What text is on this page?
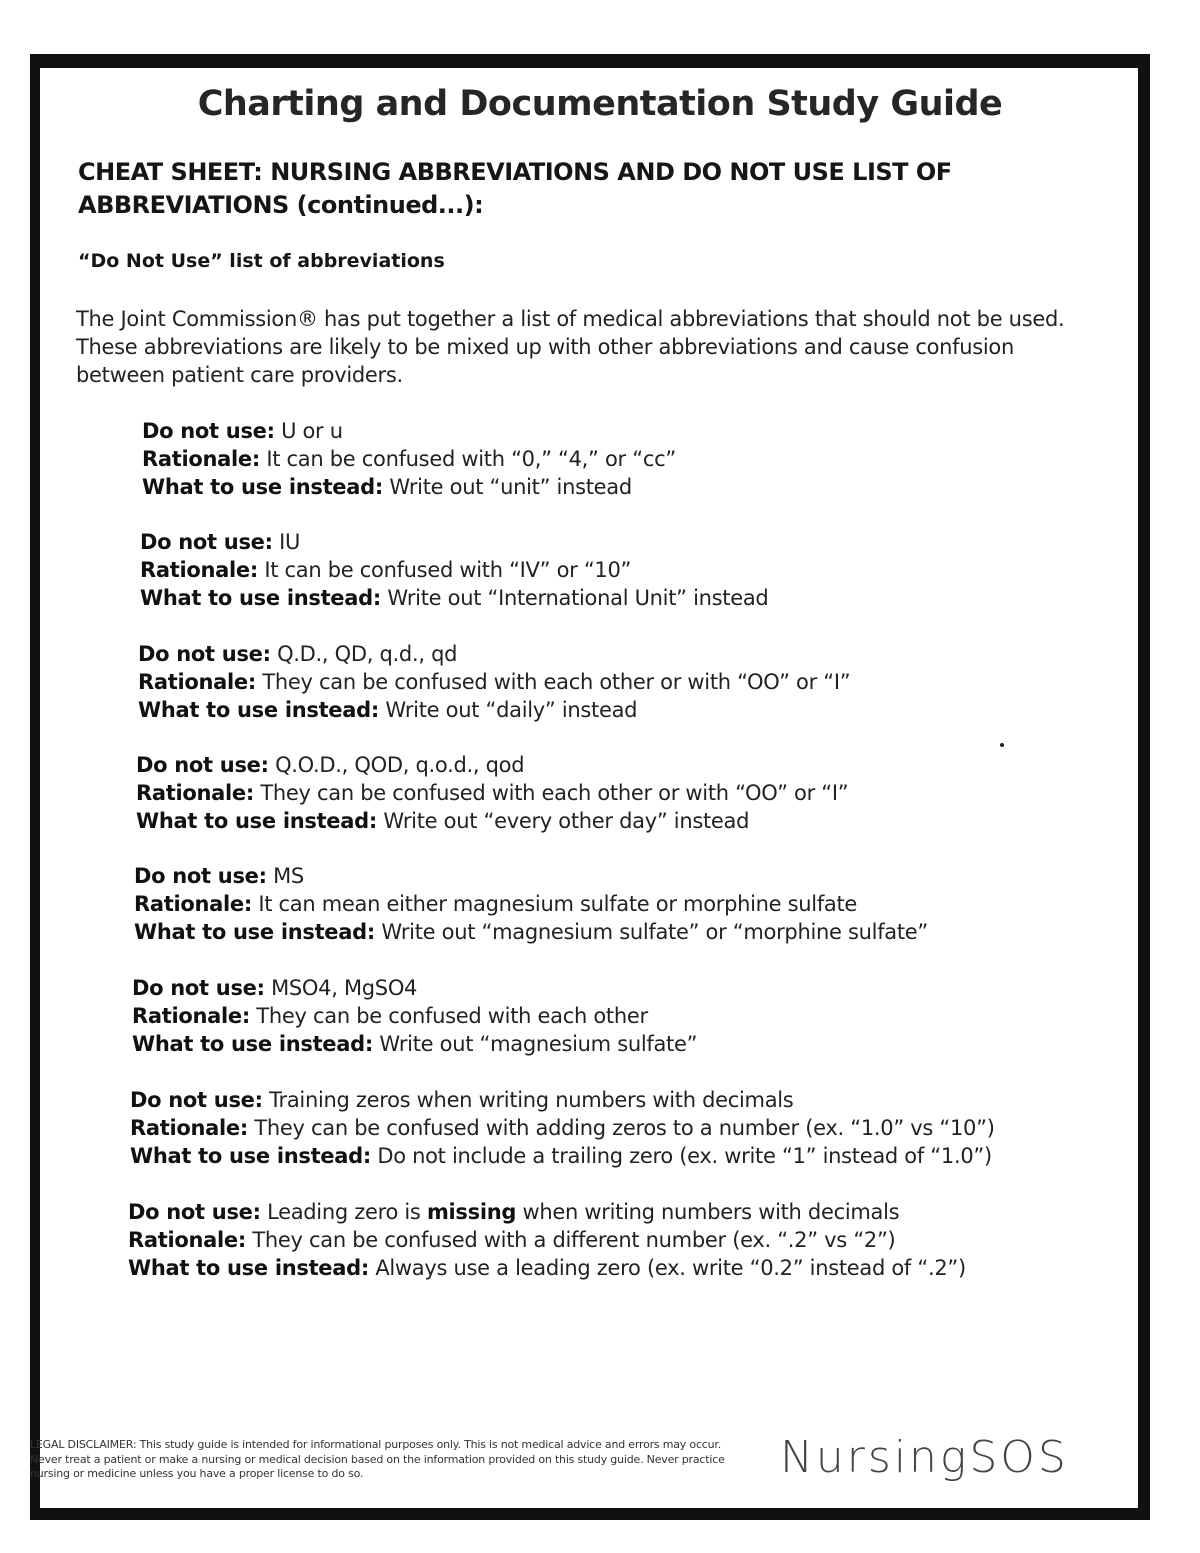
Charting and Documentation Study Guide
CHEAT SHEET: NURSING ABBREVIATIONS AND DO NOT USE LIST OF ABBREVIATIONS (continued...):
“Do Not Use” list of abbreviations

The Joint Commission® has put together a list of medical abbreviations that should not be used. These abbreviations are likely to be mixed up with other abbreviations and cause confusion between patient care providers.

Do not use: U or u
Rationale: It can be confused with “0,” “4,” or “cc”
What to use instead: Write out “unit” instead
Do not use: IU
Rationale: It can be confused with “IV” or “10”
What to use instead: Write out “International Unit” instead
Do not use: Q.D., QD, q.d., qd
Rationale: They can be confused with each other or with “OO” or “I”
What to use instead: Write out “daily” instead
Do not use: Q.O.D., QOD, q.o.d., qod
Rationale: They can be confused with each other or with “OO” or “I”
What to use instead: Write out “every other day” instead
Do not use: MS
Rationale: It can mean either magnesium sulfate or morphine sulfate
What to use instead: Write out “magnesium sulfate” or “morphine sulfate”
Do not use: MSO4, MgSO4
Rationale: They can be confused with each other
What to use instead: Write out “magnesium sulfate”
Do not use: Training zeros when writing numbers with decimals
Rationale: They can be confused with adding zeros to a number (ex. “1.0” vs “10”)
What to use instead: Do not include a trailing zero (ex. write “1” instead of “1.0”)
Do not use: Leading zero is missing when writing numbers with decimals
Rationale: They can be confused with a different number (ex. “.2” vs “2”)
What to use instead: Always use a leading zero (ex. write “0.2” instead of “.2”)

LEGAL DISCLAIMER: This study guide is intended for informational purposes only. This is not medical advice and errors may occur. Never treat a patient or make a nursing or medical decision based on the information provided on this study guide. Never practice nursing or medicine unless you have a proper license to do so.	NursingSOS
